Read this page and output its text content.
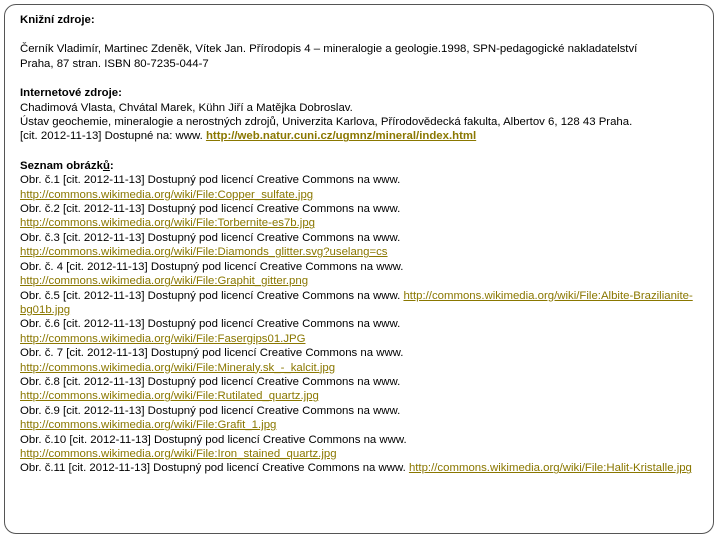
Knižní zdroje:

Černík Vladimír, Martinec Zdeněk, Vítek Jan. Přírodopis 4 – mineralogie a geologie.1998, SPN-pedagogické nakladatelství

Praha, 87 stran. ISBN 80-7235-044-7

Internetové zdroje:

Chadimová Vlasta, Chvátal Marek, Kühn Jiří a Matějka Dobroslav.

Ústav geochemie, mineralogie a nerostných zdrojů, Univerzita Karlova, Přírodovědecká fakulta, Albertov 6, 128 43 Praha.

[cit. 2012-11-13] Dostupné na: www. http://web.natur.cuni.cz/ugmnz/mineral/index.html

Seznam obrázků:

Obr. č.1 [cit. 2012-11-13] Dostupný pod licencí Creative Commons na www.

http://commons.wikimedia.org/wiki/File:Copper_sulfate.jpg

Obr. č.2 [cit. 2012-11-13] Dostupný pod licencí Creative Commons na www.

http://commons.wikimedia.org/wiki/File:Torbernite-es7b.jpg

Obr. č.3 [cit. 2012-11-13] Dostupný pod licencí Creative Commons na www.

http://commons.wikimedia.org/wiki/File:Diamonds_glitter.svg?uselang=cs

Obr. č. 4 [cit. 2012-11-13] Dostupný pod licencí Creative Commons na www.

http://commons.wikimedia.org/wiki/File:Graphit_gitter.png

Obr. č.5 [cit. 2012-11-13] Dostupný pod licencí Creative Commons na www. http://commons.wikimedia.org/wiki/File:Albite-Brazilianite-bg01b.jpg

Obr. č.6 [cit. 2012-11-13] Dostupný pod licencí Creative Commons na www.

http://commons.wikimedia.org/wiki/File:Fasergips01.JPG

Obr. č. 7 [cit. 2012-11-13] Dostupný pod licencí Creative Commons na www.

http://commons.wikimedia.org/wiki/File:Mineraly.sk_-_kalcit.jpg

Obr. č.8 [cit. 2012-11-13] Dostupný pod licencí Creative Commons na www.

http://commons.wikimedia.org/wiki/File:Rutilated_quartz.jpg

Obr. č.9 [cit. 2012-11-13] Dostupný pod licencí Creative Commons na www.

http://commons.wikimedia.org/wiki/File:Grafit_1.jpg

Obr. č.10 [cit. 2012-11-13] Dostupný pod licencí Creative Commons na www.

http://commons.wikimedia.org/wiki/File:Iron_stained_quartz.jpg

Obr. č.11 [cit. 2012-11-13] Dostupný pod licencí Creative Commons na www. http://commons.wikimedia.org/wiki/File:Halit-Kristalle.jpg
